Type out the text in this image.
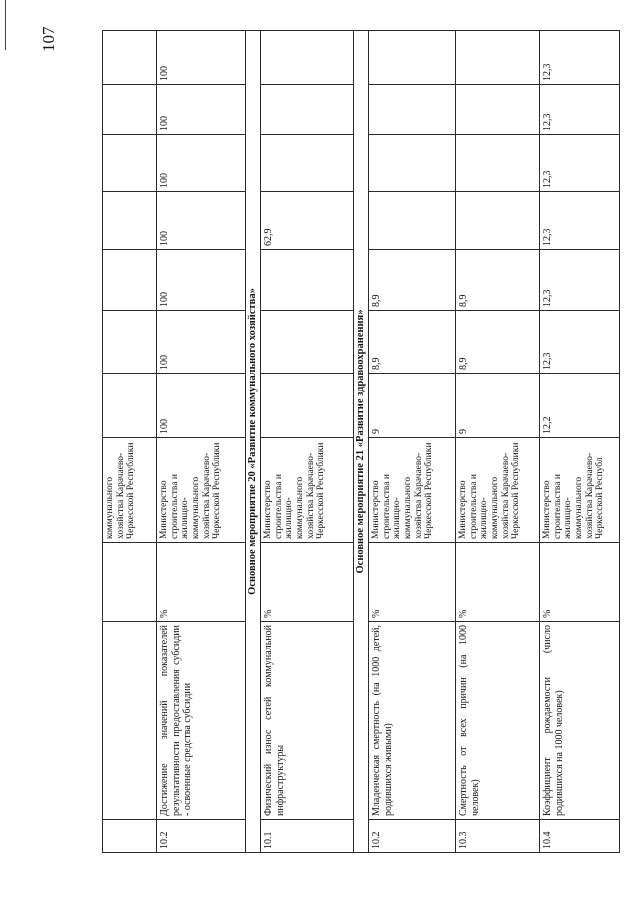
107
			коммунального хозяйства Карачаево-Черкесской Республики							
10.2	Достижение значений показателей результативности предоставления субсидии - освоенные средства субсидии	%	Министерство строительства и жилищно-коммунального хозяйства Карачаево-Черкесской Республики	100	100	100	100	100	100	100
Основное мероприятие 20 «Развитие коммунального хозяйства»										
10.1	Физический износ сетей коммунальной инфраструктуры	%	Министерство строительства и жилищно-коммунального хозяйства Карачаево-Черкесской Республики				62,9			
Основное мероприятие 21 «Развитие здравоохранения»										
10.2	Младенческая смертность (на 1000 детей, родившихся живыми)	%	Министерство строительства и жилищно-коммунального хозяйства Карачаево-Черкесской Республики	9	8,9	8,9				
10.3	Смертность от всех причин (на 1000 человек)	%	Министерство строительства и жилищно-коммунального хозяйства Карачаево-Черкесской Республики	9	8,9	8,9				
10.4	Коэффициент рождаемости (число родившихся на 1000 человек)	%	Министерство строительства и жилищно-коммунального хозяйства Карачаево-Черкесской Республ	12,2	12,3	12,3	12,3	12,3	12,3	12,3
